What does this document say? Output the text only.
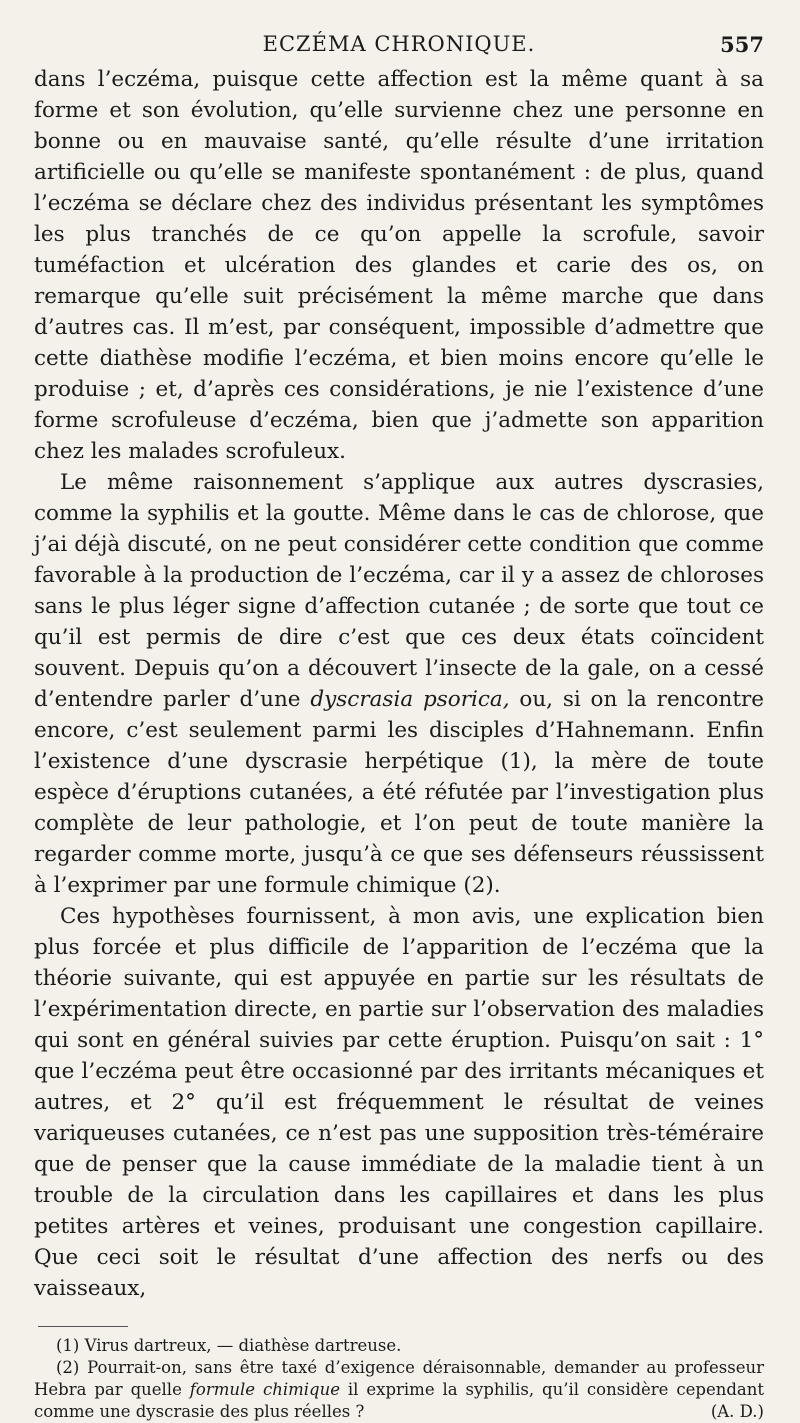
ECZÉMA CHRONIQUE.	557

dans l’eczéma, puisque cette affection est la même quant à sa forme et son évolution, qu’elle survienne chez une personne en bonne ou en mauvaise santé, qu’elle résulte d’une irritation artificielle ou qu’elle se manifeste spontanément : de plus, quand l’eczéma se déclare chez des individus présentant les symptômes les plus tranchés de ce qu’on appelle la scrofule, savoir tuméfaction et ulcération des glandes et carie des os, on remarque qu’elle suit précisément la même marche que dans d’autres cas. Il m’est, par conséquent, impossible d’admettre que cette diathèse modifie l’eczéma, et bien moins encore qu’elle le produise ; et, d’après ces considérations, je nie l’existence d’une forme scrofuleuse d’eczéma, bien que j’admette son apparition chez les malades scrofuleux.

Le même raisonnement s’applique aux autres dyscrasies, comme la syphilis et la goutte. Même dans le cas de chlorose, que j’ai déjà discuté, on ne peut considérer cette condition que comme favorable à la production de l’eczéma, car il y a assez de chloroses sans le plus léger signe d’affection cutanée ; de sorte que tout ce qu’il est permis de dire c’est que ces deux états coïncident souvent. Depuis qu’on a découvert l’insecte de la gale, on a cessé d’entendre parler d’une dyscrasia psorica, ou, si on la rencontre encore, c’est seulement parmi les disciples d’Hahnemann. Enfin l’existence d’une dyscrasie herpétique (1), la mère de toute espèce d’éruptions cutanées, a été réfutée par l’investigation plus complète de leur pathologie, et l’on peut de toute manière la regarder comme morte, jusqu’à ce que ses défenseurs réussissent à l’exprimer par une formule chimique (2).

Ces hypothèses fournissent, à mon avis, une explication bien plus forcée et plus difficile de l’apparition de l’eczéma que la théorie suivante, qui est appuyée en partie sur les résultats de l’expérimentation directe, en partie sur l’observation des maladies qui sont en général suivies par cette éruption. Puisqu’on sait : 1° que l’eczéma peut être occasionné par des irritants mécaniques et autres, et 2° qu’il est fréquemment le résultat de veines variqueuses cutanées, ce n’est pas une supposition très-téméraire que de penser que la cause immédiate de la maladie tient à un trouble de la circulation dans les capillaires et dans les plus petites artères et veines, produisant une congestion capillaire. Que ceci soit le résultat d’une affection des nerfs ou des vaisseaux,

(1) Virus dartreux, — diathèse dartreuse.

(2) Pourrait-on, sans être taxé d’exigence déraisonnable, demander au professeur Hebra par quelle formule chimique il exprime la syphilis, qu’il considère cependant comme une dyscrasie des plus réelles ?	(A. D.)
